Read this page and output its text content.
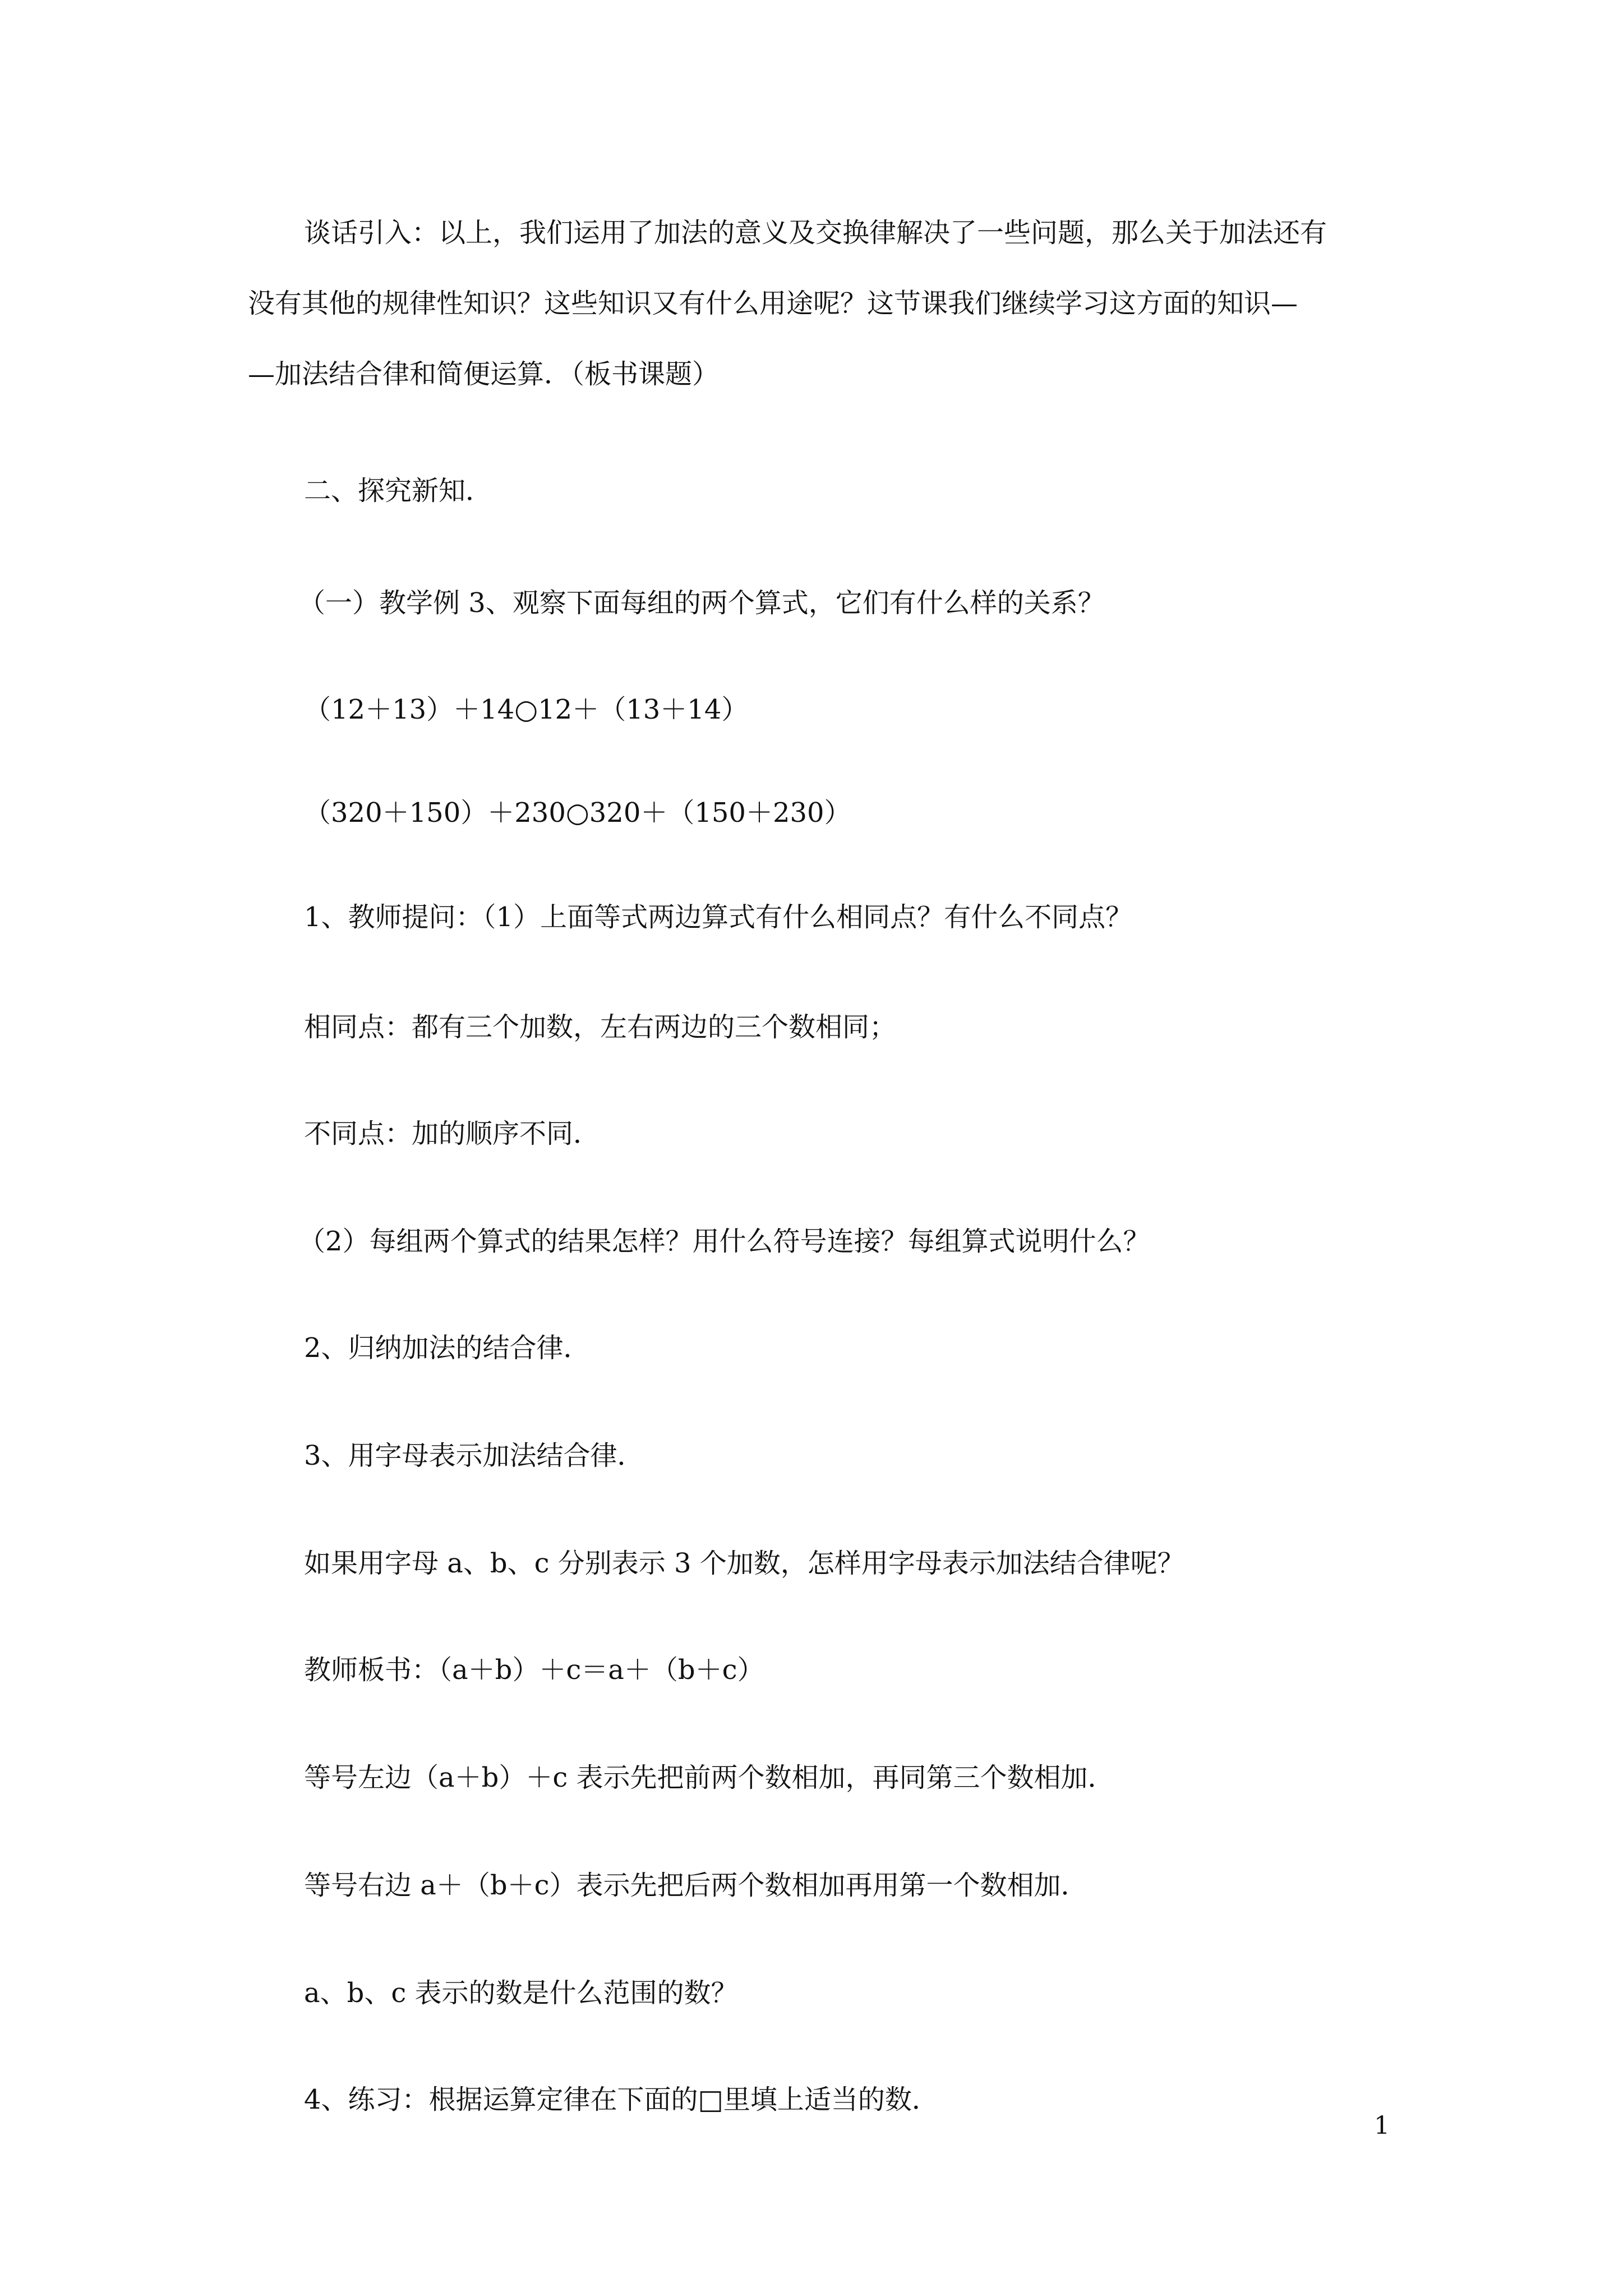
谈话引入：以上，我们运用了加法的意义及交换律解决了一些问题，那么关于加法还有
没有其他的规律性知识？这些知识又有什么用途呢？这节课我们继续学习这方面的知识—
—加法结合律和简便运算．（板书课题）
二、探究新知．
（一）教学例 3、观察下面每组的两个算式，它们有什么样的关系？
（12＋13）＋14○12＋（13＋14）
（320＋150）＋230○320＋（150＋230）
1、教师提问：（1）上面等式两边算式有什么相同点？有什么不同点？
相同点：都有三个加数，左右两边的三个数相同；
不同点：加的顺序不同．
（2）每组两个算式的结果怎样？用什么符号连接？每组算式说明什么？
2、归纳加法的结合律．
3、用字母表示加法结合律．
如果用字母 a、b、c 分别表示 3 个加数，怎样用字母表示加法结合律呢？
教师板书：（a＋b）＋c＝a＋（b＋c）
等号左边（a＋b）＋c 表示先把前两个数相加，再同第三个数相加．
等号右边 a＋（b＋c）表示先把后两个数相加再用第一个数相加．
a、b、c 表示的数是什么范围的数？
4、练习：根据运算定律在下面的□里填上适当的数．
1
